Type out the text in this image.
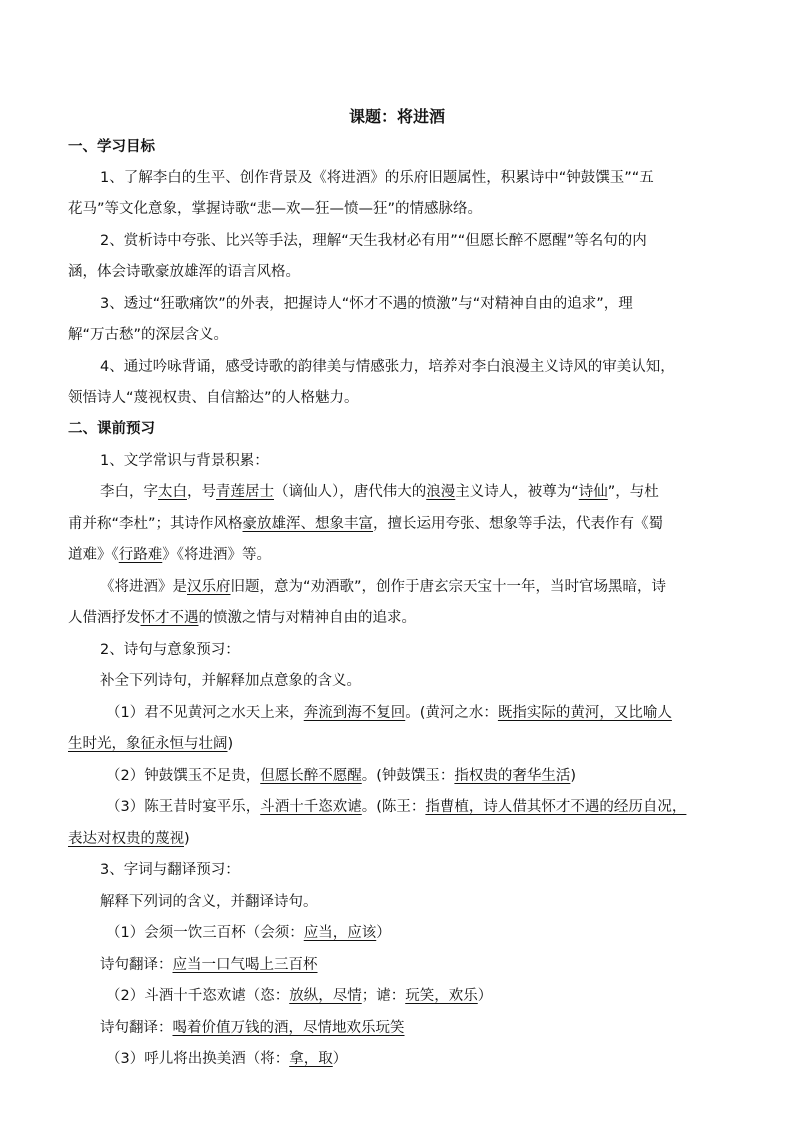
课题：将进酒
一、学习目标
1、了解李白的生平、创作背景及《将进酒》的乐府旧题属性，积累诗中“钟鼓馔玉”“五
花马”等文化意象，掌握诗歌“悲—欢—狂—愤—狂”的情感脉络。
2、赏析诗中夸张、比兴等手法，理解“天生我材必有用”“但愿长醉不愿醒”等名句的内
涵，体会诗歌豪放雄浑的语言风格。
3、透过“狂歌痛饮”的外表，把握诗人“怀才不遇的愤激”与“对精神自由的追求”，理
解“万古愁”的深层含义。
4、通过吟咏背诵，感受诗歌的韵律美与情感张力，培养对李白浪漫主义诗风的审美认知，
领悟诗人“蔑视权贵、自信豁达”的人格魅力。
二、课前预习
1、文学常识与背景积累：
李白，字太白，号青莲居士（谪仙人），唐代伟大的浪漫主义诗人，被尊为“诗仙”，与杜
甫并称“李杜”；其诗作风格豪放雄浑、想象丰富，擅长运用夸张、想象等手法，代表作有《蜀
道难》《行路难》《将进酒》等。
《将进酒》是汉乐府旧题，意为“劝酒歌”，创作于唐玄宗天宝十一年，当时官场黑暗，诗
人借酒抒发怀才不遇的愤激之情与对精神自由的追求。
2、诗句与意象预习：
补全下列诗句，并解释加点意象的含义。
（1）君不见黄河之水天上来，奔流到海不复回。(黄河之水：既指实际的黄河，又比喻人
生时光，象征永恒与壮阔)
（2）钟鼓馔玉不足贵，但愿长醉不愿醒。(钟鼓馔玉：指权贵的奢华生活)
（3）陈王昔时宴平乐，斗酒十千恣欢谑。(陈王：指曹植，诗人借其怀才不遇的经历自况，
表达对权贵的蔑视)
3、字词与翻译预习：
解释下列词的含义，并翻译诗句。
（1）会须一饮三百杯（会须：应当，应该）
诗句翻译：应当一口气喝上三百杯
（2）斗酒十千恣欢谑（恣：放纵，尽情；谑：玩笑，欢乐）
诗句翻译：喝着价值万钱的酒，尽情地欢乐玩笑
（3）呼儿将出换美酒（将：拿，取）
